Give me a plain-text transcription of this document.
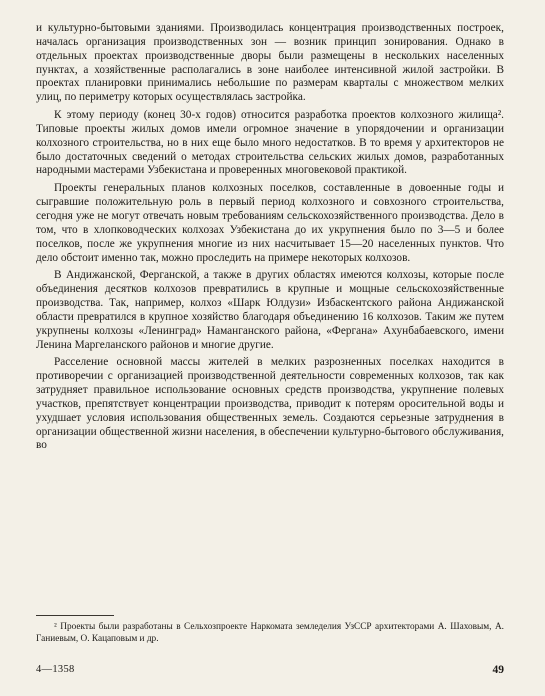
и культурно-бытовыми зданиями. Производилась концентрация производственных построек, началась организация производственных зон — возник принцип зонирования. Однако в отдельных проектах производственные дворы были размещены в нескольких населенных пунктах, а хозяйственные располагались в зоне наиболее интенсивной жилой застройки. В проектах планировки принимались небольшие по размерам кварталы с множеством мелких улиц, по периметру которых осуществлялась застройка.

К этому периоду (конец 30-х годов) относится разработка проектов колхозного жилища². Типовые проекты жилых домов имели огромное значение в упорядочении и организации колхозного строительства, но в них еще было много недостатков. В то время у архитекторов не было достаточных сведений о методах строительства сельских жилых домов, разработанных народными мастерами Узбекистана и проверенных многовековой практикой.

Проекты генеральных планов колхозных поселков, составленные в довоенные годы и сыгравшие положительную роль в первый период колхозного и совхозного строительства, сегодня уже не могут отвечать новым требованиям сельскохозяйственного производства. Дело в том, что в хлопководческих колхозах Узбекистана до их укрупнения было по 3—5 и более поселков, после же укрупнения многие из них насчитывает 15—20 населенных пунктов. Что дело обстоит именно так, можно проследить на примере некоторых колхозов.

В Андижанской, Ферганской, а также в других областях имеются колхозы, которые после объединения десятков колхозов превратились в крупные и мощные сельскохозяйственные производства. Так, например, колхоз «Шарк Юлдузи» Избаскентского района Андижанской области превратился в крупное хозяйство благодаря объединению 16 колхозов. Таким же путем укрупнены колхозы «Ленинград» Наманганского района, «Фергана» Ахунбабаевского, имени Ленина Маргеланского районов и многие другие.

Расселение основной массы жителей в мелких разрозненных поселках находится в противоречии с организацией производственной деятельности современных колхозов, так как затрудняет правильное использование основных средств производства, укрупнение полевых участков, препятствует концентрации производства, приводит к потерям оросительной воды и ухудшает условия использования общественных земель. Создаются серьезные затруднения в организации общественной жизни населения, в обеспечении культурно-бытового обслуживания, во

² Проекты были разработаны в Сельхозпроекте Наркомата земледелия УзССР архитекторами А. Шаховым, А. Ганиевым, О. Кацаповым и др.

4—1358	49
